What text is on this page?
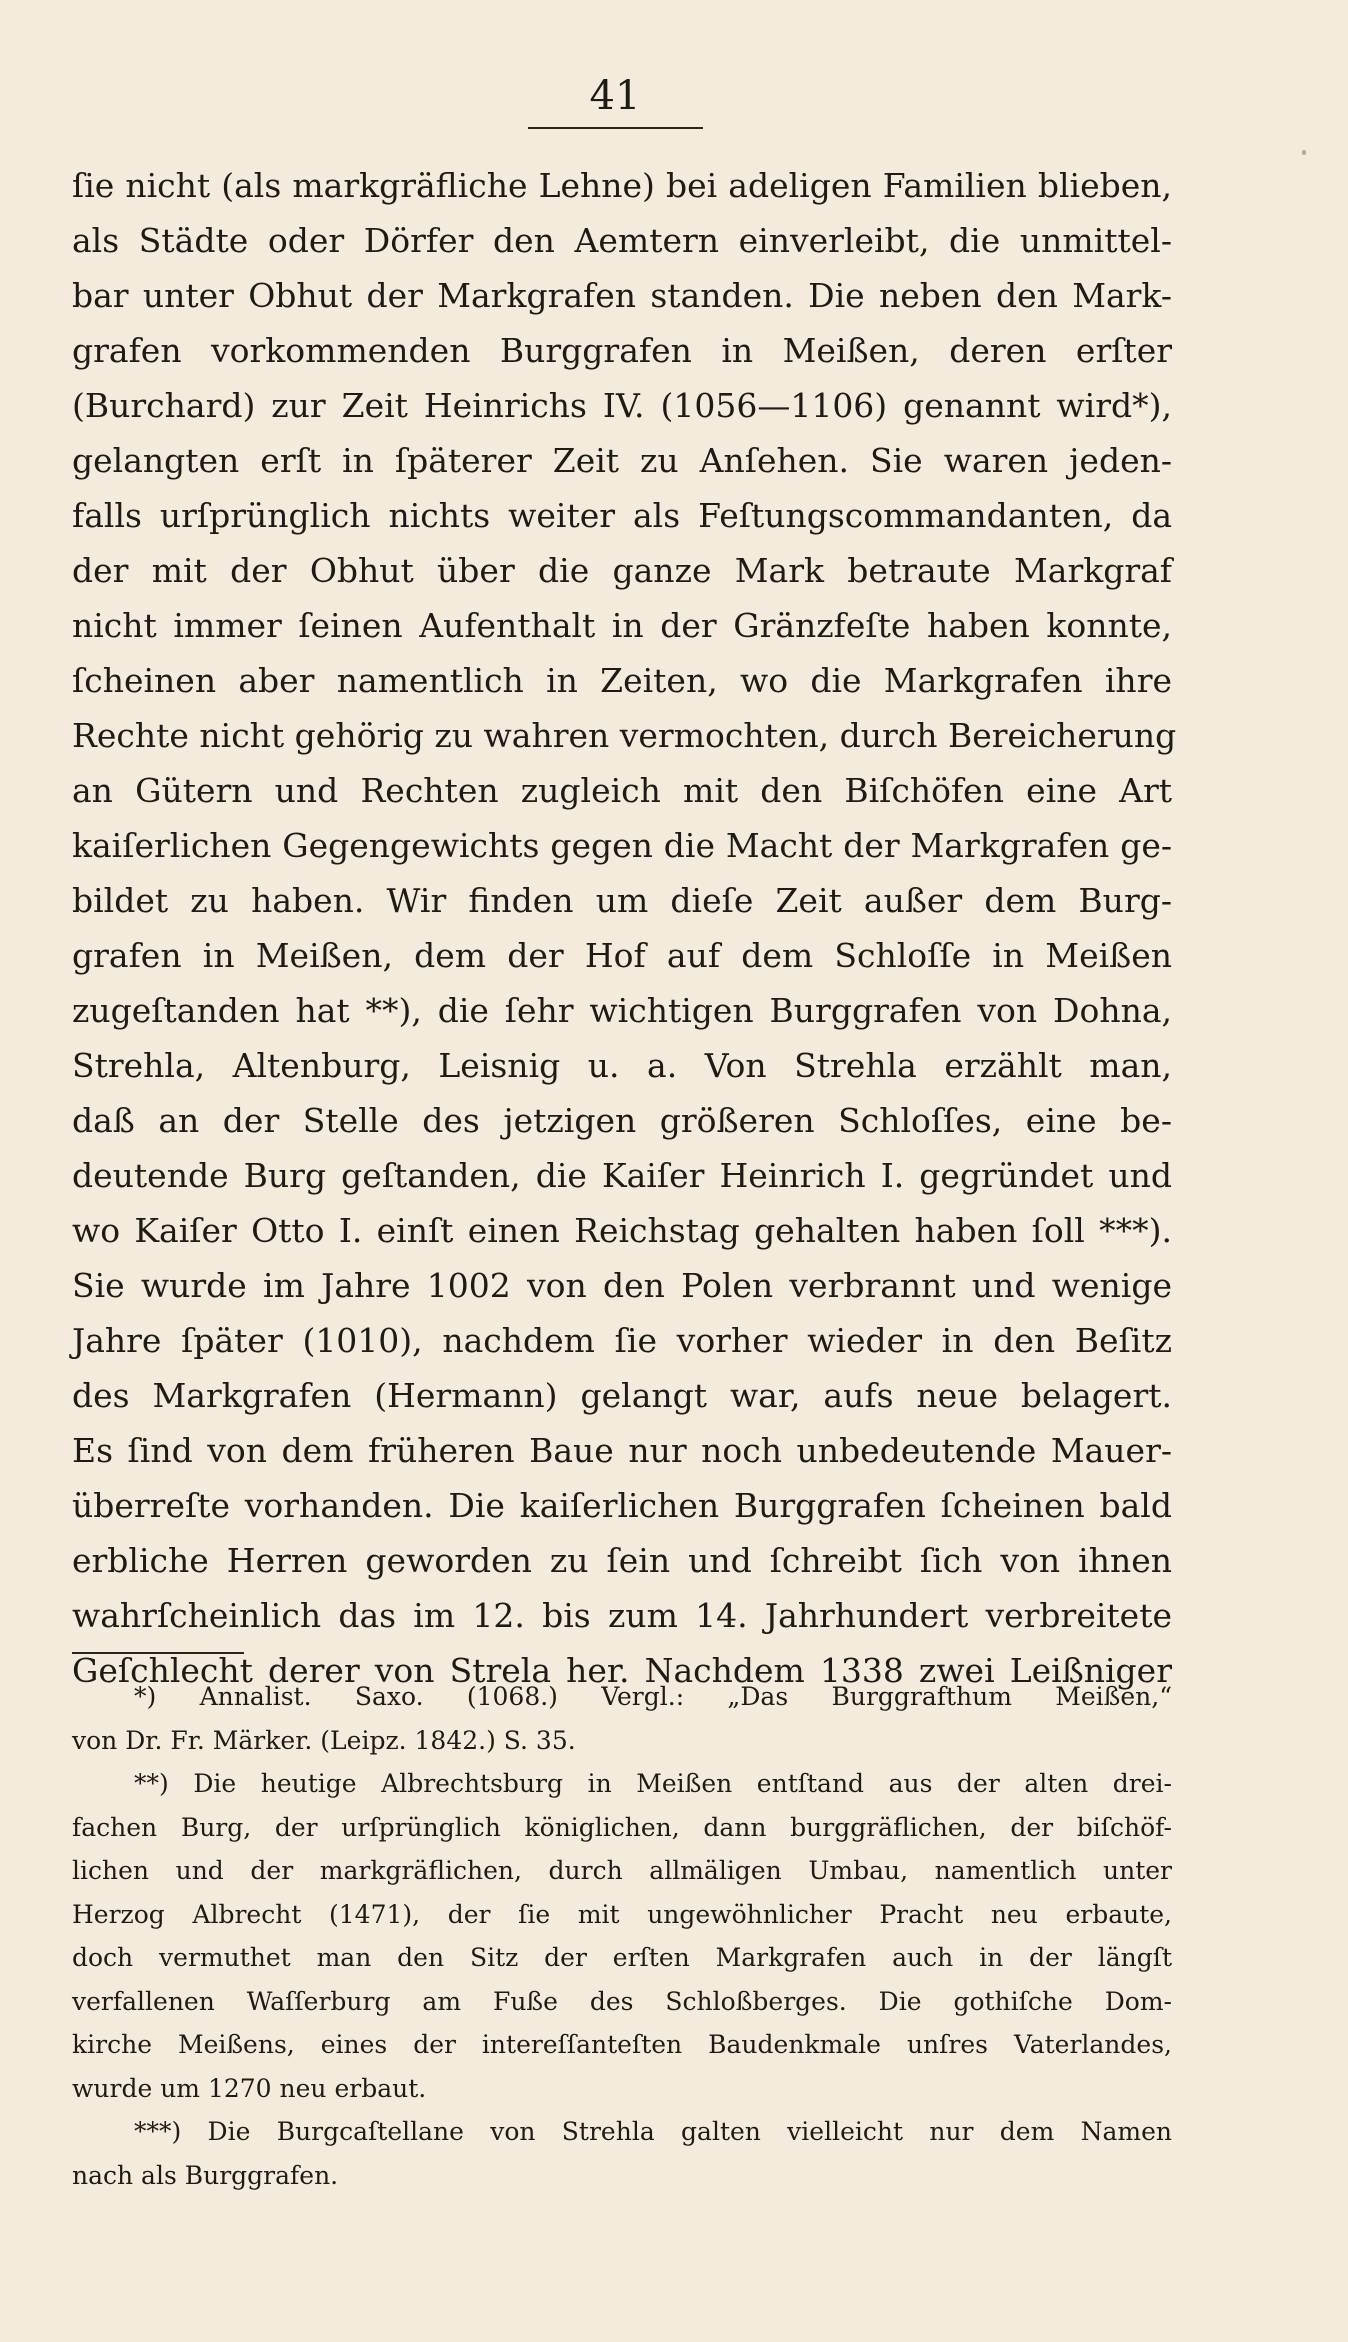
41
ſie nicht (als markgräfliche Lehne) bei adeligen Familien blieben,
als Städte oder Dörfer den Aemtern einverleibt, die unmittel-
bar unter Obhut der Markgrafen standen. Die neben den Mark-
grafen vorkommenden Burggrafen in Meißen, deren erſter
(Burchard) zur Zeit Heinrichs IV. (1056—1106) genannt wird*),
gelangten erſt in ſpäterer Zeit zu Anſehen. Sie waren jeden-
falls urſprünglich nichts weiter als Feſtungscommandanten, da
der mit der Obhut über die ganze Mark betraute Markgraf
nicht immer ſeinen Aufenthalt in der Gränzfeſte haben konnte,
ſcheinen aber namentlich in Zeiten, wo die Markgrafen ihre
Rechte nicht gehörig zu wahren vermochten, durch Bereicherung
an Gütern und Rechten zugleich mit den Biſchöfen eine Art
kaiſerlichen Gegengewichts gegen die Macht der Markgrafen ge-
bildet zu haben. Wir finden um dieſe Zeit außer dem Burg-
grafen in Meißen, dem der Hof auf dem Schloſſe in Meißen
zugeſtanden hat **), die ſehr wichtigen Burggrafen von Dohna,
Strehla, Altenburg, Leisnig u. a. Von Strehla erzählt man,
daß an der Stelle des jetzigen größeren Schloſſes, eine be-
deutende Burg geſtanden, die Kaiſer Heinrich I. gegründet und
wo Kaiſer Otto I. einſt einen Reichstag gehalten haben ſoll ***).
Sie wurde im Jahre 1002 von den Polen verbrannt und wenige
Jahre ſpäter (1010), nachdem ſie vorher wieder in den Beſitz
des Markgrafen (Hermann) gelangt war, aufs neue belagert.
Es ſind von dem früheren Baue nur noch unbedeutende Mauer-
überreſte vorhanden. Die kaiſerlichen Burggrafen ſcheinen bald
erbliche Herren geworden zu ſein und ſchreibt ſich von ihnen
wahrſcheinlich das im 12. bis zum 14. Jahrhundert verbreitete
Geſchlecht derer von Strela her. Nachdem 1338 zwei Leißniger
*) Annalist. Saxo. (1068.) Vergl.: „Das Burggrafthum Meißen,“
von Dr. Fr. Märker. (Leipz. 1842.) S. 35.
**) Die heutige Albrechtsburg in Meißen entſtand aus der alten drei-
fachen Burg, der urſprünglich königlichen, dann burggräflichen, der biſchöf-
lichen und der markgräflichen, durch allmäligen Umbau, namentlich unter
Herzog Albrecht (1471), der ſie mit ungewöhnlicher Pracht neu erbaute,
doch vermuthet man den Sitz der erſten Markgrafen auch in der längſt
verfallenen Waſſerburg am Fuße des Schloßberges. Die gothiſche Dom-
kirche Meißens, eines der intereſſanteſten Baudenkmale unſres Vaterlandes,
wurde um 1270 neu erbaut.
***) Die Burgcaſtellane von Strehla galten vielleicht nur dem Namen
nach als Burggrafen.
